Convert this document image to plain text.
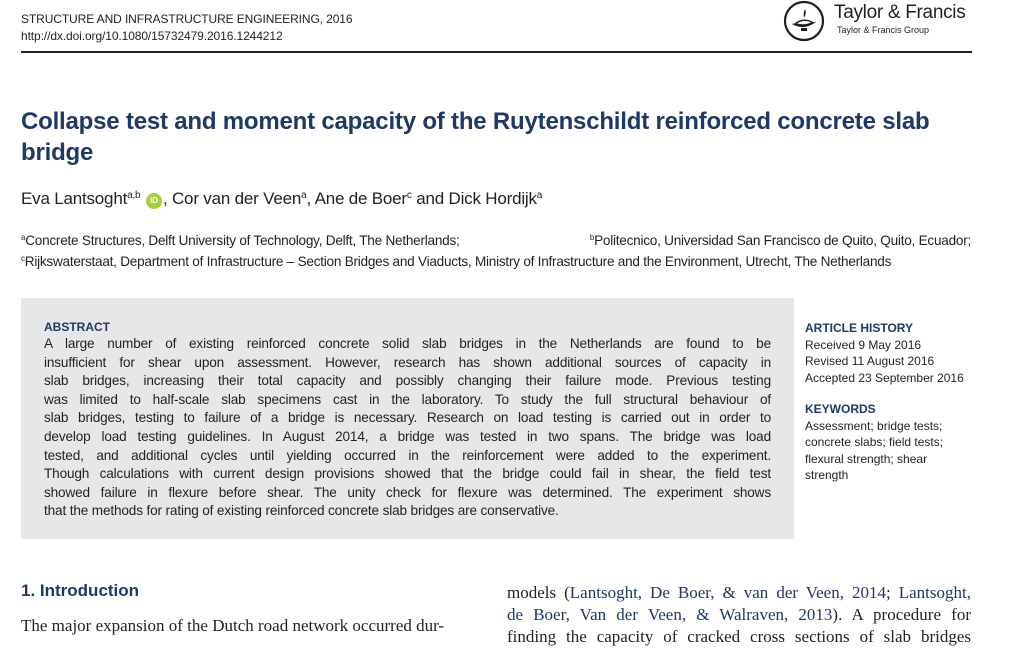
STRUCTURE AND INFRASTRUCTURE ENGINEERING, 2016
http://dx.doi.org/10.1080/15732479.2016.1244212
Taylor & Francis
Taylor & Francis Group
Collapse test and moment capacity of the Ruytenschildt reinforced concrete slab bridge
Eva Lantsoght$^{a,b}$ iD , Cor van der Veen$^a$, Ane de Boer$^c$ and Dick Hordijk$^a$
$^a$Concrete Structures, Delft University of Technology, Delft, The Netherlands;	$^b$Politecnico, Universidad San Francisco de Quito, Quito, Ecuador;
$^c$Rijkswaterstaat, Department of Infrastructure – Section Bridges and Viaducts, Ministry of Infrastructure and the Environment, Utrecht, The Netherlands
ABSTRACT
A large number of existing reinforced concrete solid slab bridges in the Netherlands are found to be
insufficient for shear upon assessment. However, research has shown additional sources of capacity in
slab bridges, increasing their total capacity and possibly changing their failure mode. Previous testing
was limited to half-scale slab specimens cast in the laboratory. To study the full structural behaviour of
slab bridges, testing to failure of a bridge is necessary. Research on load testing is carried out in order to
develop load testing guidelines. In August 2014, a bridge was tested in two spans. The bridge was load
tested, and additional cycles until yielding occurred in the reinforcement were added to the experiment.
Though calculations with current design provisions showed that the bridge could fail in shear, the field test
showed failure in flexure before shear. The unity check for flexure was determined. The experiment shows
that the methods for rating of existing reinforced concrete slab bridges are conservative.
ARTICLE HISTORY
Received 9 May 2016
Revised 11 August 2016
Accepted 23 September 2016
KEYWORDS
Assessment; bridge tests;
concrete slabs; field tests;
flexural strength; shear
strength
1. Introduction
The major expansion of the Dutch road network occurred dur-
models (Lantsoght, De Boer, & van der Veen, 2014; Lantsoght,
de Boer, Van der Veen, & Walraven, 2013). A procedure for
finding the capacity of cracked cross sections of slab bridges
